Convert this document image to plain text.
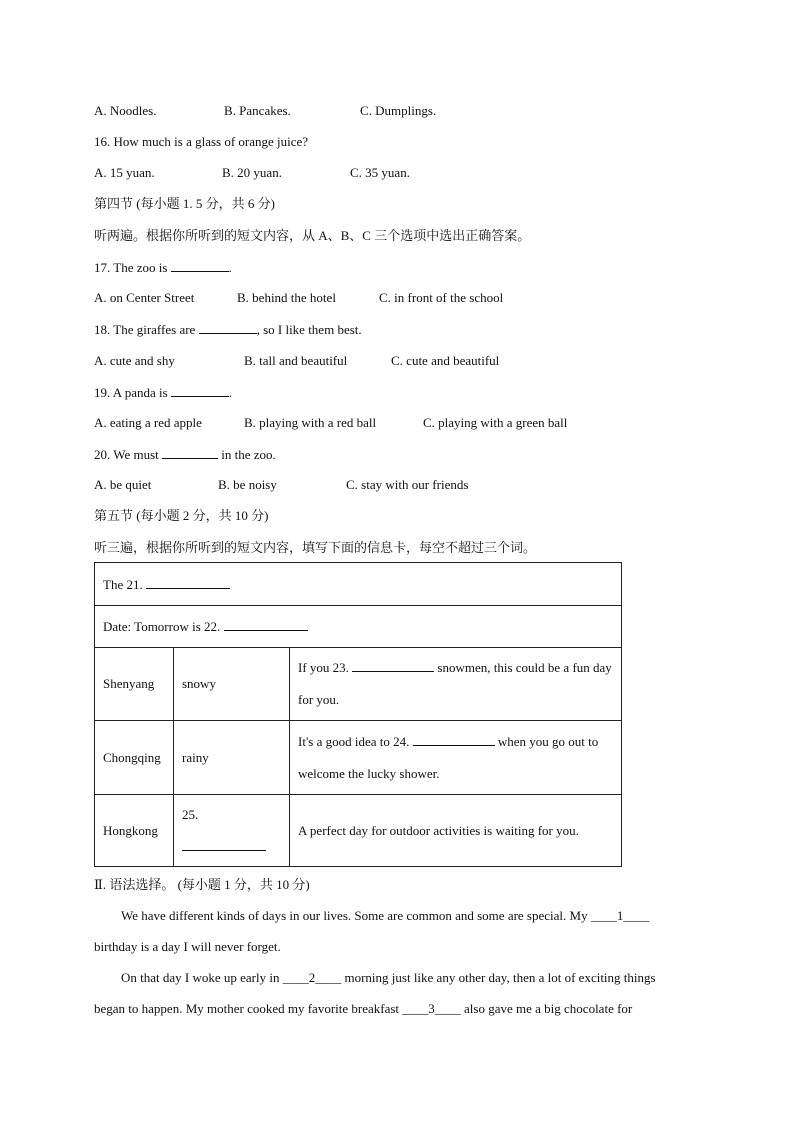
A. Noodles.	B. Pancakes.	C. Dumplings.
16. How much is a glass of orange juice?
A. 15 yuan.	B. 20 yuan.	C. 35 yuan.
第四节 (每小题 1. 5 分，共 6 分)
听两遍。根据你所听到的短文内容，从 A、B、C 三个选项中选出正确答案。
17. The zoo is	.
A. on Center Street	B. behind the hotel	C. in front of the school
18. The giraffes are	, so I like them best.
A. cute and shy	B. tall and beautiful	C. cute and beautiful
19. A panda is	.
A. eating a red apple	B. playing with a red ball	C. playing with a green ball
20. We must	in the zoo.
A. be quiet	B. be noisy	C. stay with our friends
第五节 (每小题 2 分，共 10 分)
听三遍，根据你所听到的短文内容，填写下面的信息卡，每空不超过三个词。
The 21.		
Date: Tomorrow is 22.		
Shenyang	snowy	If you 23. snowmen, this could be a fun day for you.

Chongqing	rainy	It's a good idea to 24. when you go out to welcome the lucky shower.

Hongkong	25.	A perfect day for outdoor activities is waiting for you.
Ⅱ. 语法选择。 (每小题 1 分，共 10 分)
We have different kinds of days in our lives. Some are common and some are special. My ____1____
birthday is a day I will never forget.
On that day I woke up early in ____2____ morning just like any other day, then a lot of exciting things
began to happen. My mother cooked my favorite breakfast ____3____ also gave me a big chocolate for
